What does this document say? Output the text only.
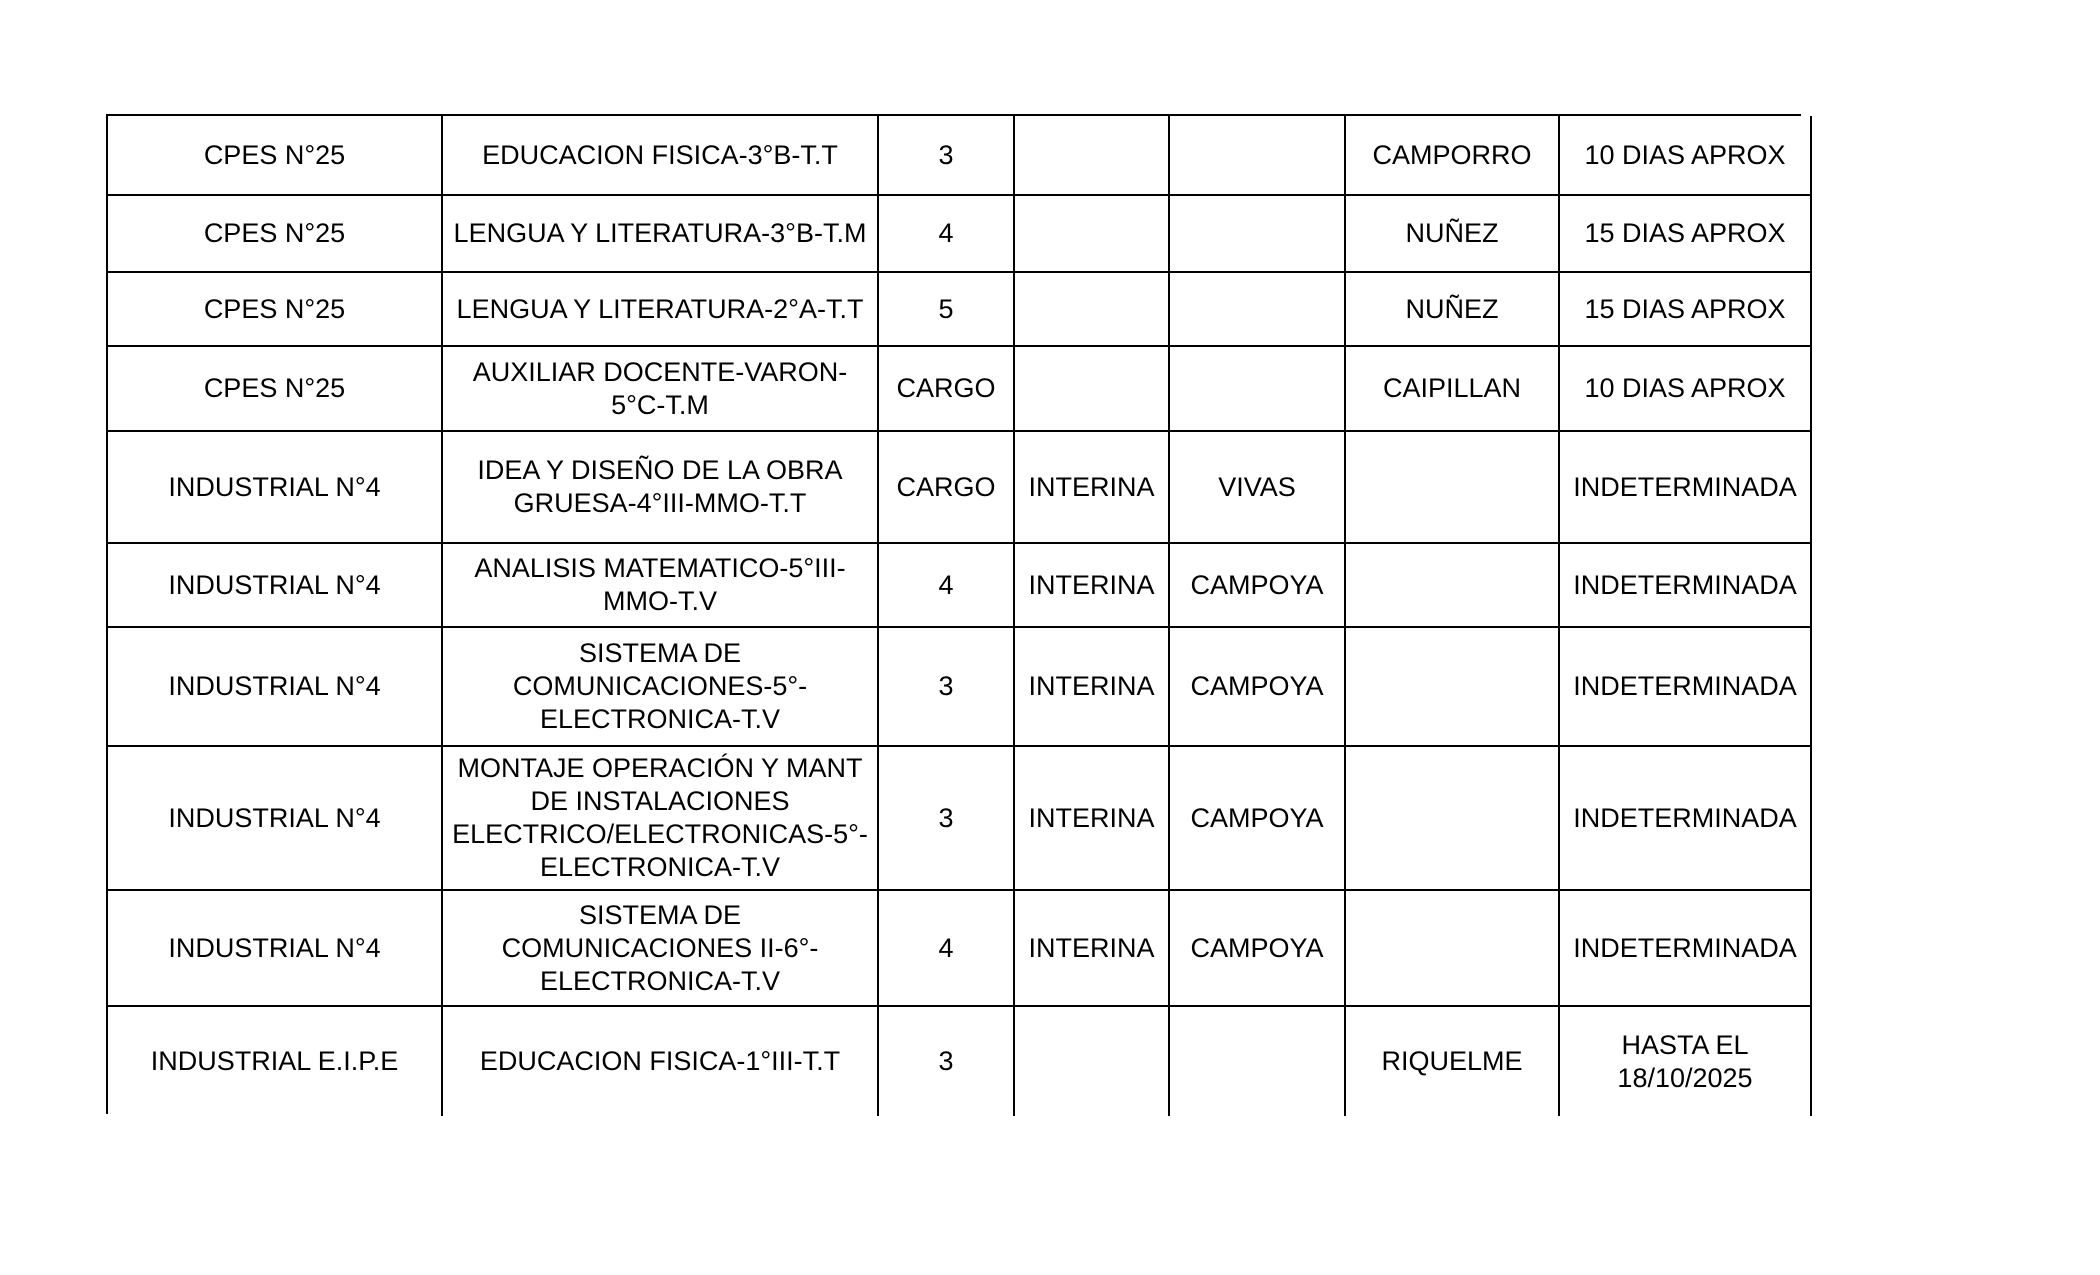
CPES N°25	EDUCACION FISICA-3°B-T.T	3			CAMPORRO	10 DIAS APROX
CPES N°25	LENGUA Y LITERATURA-3°B-T.M	4			NUÑEZ	15 DIAS APROX
CPES N°25	LENGUA Y LITERATURA-2°A-T.T	5			NUÑEZ	15 DIAS APROX
CPES N°25	AUXILIAR DOCENTE-VARON-5°C-T.M	CARGO			CAIPILLAN	10 DIAS APROX
INDUSTRIAL N°4	IDEA Y DISEÑO DE LA OBRA GRUESA-4°III-MMO-T.T	CARGO	INTERINA	VIVAS		INDETERMINADA
INDUSTRIAL N°4	ANALISIS MATEMATICO-5°III-MMO-T.V	4	INTERINA	CAMPOYA		INDETERMINADA
INDUSTRIAL N°4	SISTEMA DE COMUNICACIONES-5°-ELECTRONICA-T.V	3	INTERINA	CAMPOYA		INDETERMINADA
INDUSTRIAL N°4	MONTAJE OPERACIÓN Y MANT DE INSTALACIONES ELECTRICO/ELECTRONICAS-5°-ELECTRONICA-T.V	3	INTERINA	CAMPOYA		INDETERMINADA
INDUSTRIAL N°4	SISTEMA DE COMUNICACIONES II-6°-ELECTRONICA-T.V	4	INTERINA	CAMPOYA		INDETERMINADA
INDUSTRIAL E.I.P.E	EDUCACION FISICA-1°III-T.T	3			RIQUELME	HASTA EL 18/10/2025
